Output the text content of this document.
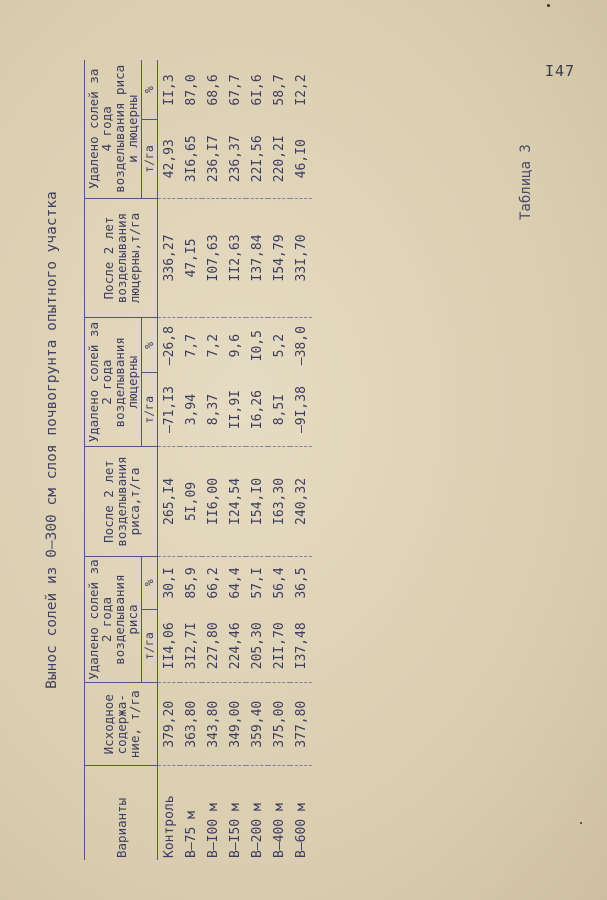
I47
Таблица 3
Вынос солей из 0–300 см слоя почвогрунта опытного участка
Варианты	Исходное содержа-ние, т/га	Удалено солей за 2 года возделывания риса		После 2 лет возделывания риса,т/га	Удалено солей за 2 года возделывания люцерны		После 2 лет возделывания люцерны,т/га	Удалено солей за 4 года возделывания риса и люцерны	
		т/га	%		т/га	%		т/га	%
Контроль	379,20	II4,06	30,I	265,I4	–71,I3	–26,8	336,27	42,93	II,3
В–75 м	363,80	3I2,7I	85,9	5I,09	3,94	7,7	47,I5	3I6,65	87,0
В–I00 м	343,80	227,80	66,2	II6,00	8,37	7,2	I07,63	236,I7	68,6
В–I50 м	349,00	224,46	64,4	I24,54	II,9I	9,6	II2,63	236,37	67,7
В–200 м	359,40	205,30	57,I	I54,I0	I6,26	I0,5	I37,84	22I,56	6I,6
В–400 м	375,00	2II,70	56,4	I63,30	8,5I	5,2	I54,79	220,2I	58,7
В–600 м	377,80	I37,48	36,5	240,32	–9I,38	–38,0	33I,70	46,I0	I2,2
